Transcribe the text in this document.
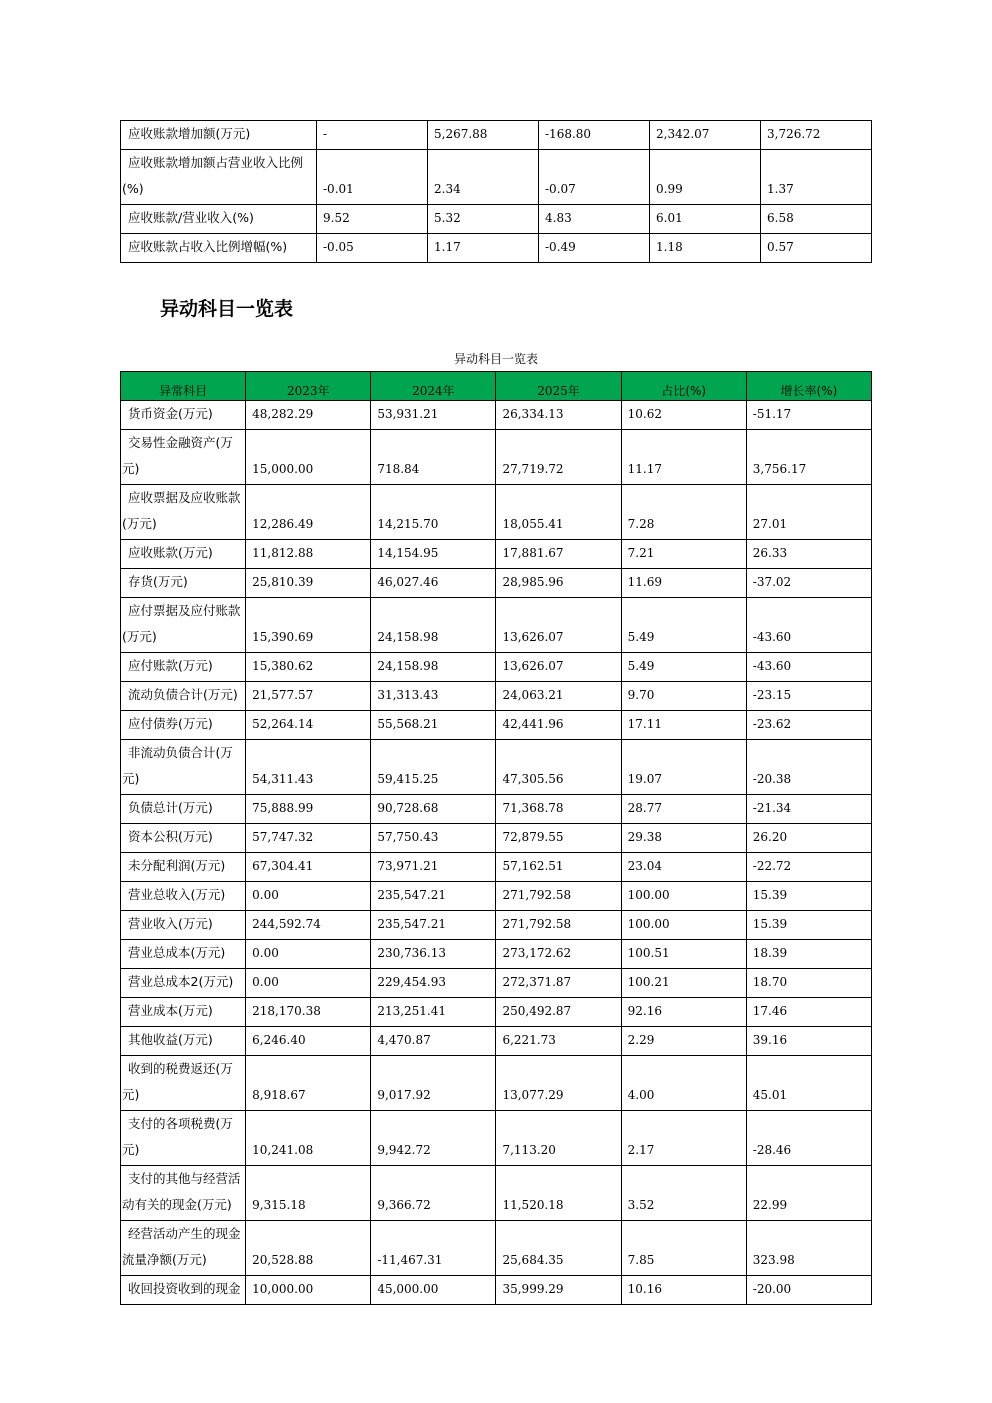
应收账款增加额(万元)	-	5,267.88	-168.80	2,342.07	3,726.72
应收账款增加额占营业收入比例(%)	-0.01	2.34	-0.07	0.99	1.37
应收账款/营业收入(%)	9.52	5.32	4.83	6.01	6.58
应收账款占收入比例增幅(%)	-0.05	1.17	-0.49	1.18	0.57
异动科目一览表
异动科目一览表
异常科目	2023年	2024年	2025年	占比(%)	增长率(%)
货币资金(万元)	48,282.29	53,931.21	26,334.13	10.62	-51.17
交易性金融资产(万元)	15,000.00	718.84	27,719.72	11.17	3,756.17
应收票据及应收账款(万元)	12,286.49	14,215.70	18,055.41	7.28	27.01
应收账款(万元)	11,812.88	14,154.95	17,881.67	7.21	26.33
存货(万元)	25,810.39	46,027.46	28,985.96	11.69	-37.02
应付票据及应付账款(万元)	15,390.69	24,158.98	13,626.07	5.49	-43.60
应付账款(万元)	15,380.62	24,158.98	13,626.07	5.49	-43.60
流动负债合计(万元)	21,577.57	31,313.43	24,063.21	9.70	-23.15
应付债券(万元)	52,264.14	55,568.21	42,441.96	17.11	-23.62
非流动负债合计(万元)	54,311.43	59,415.25	47,305.56	19.07	-20.38
负债总计(万元)	75,888.99	90,728.68	71,368.78	28.77	-21.34
资本公积(万元)	57,747.32	57,750.43	72,879.55	29.38	26.20
未分配利润(万元)	67,304.41	73,971.21	57,162.51	23.04	-22.72
营业总收入(万元)	0.00	235,547.21	271,792.58	100.00	15.39
营业收入(万元)	244,592.74	235,547.21	271,792.58	100.00	15.39
营业总成本(万元)	0.00	230,736.13	273,172.62	100.51	18.39
营业总成本2(万元)	0.00	229,454.93	272,371.87	100.21	18.70
营业成本(万元)	218,170.38	213,251.41	250,492.87	92.16	17.46
其他收益(万元)	6,246.40	4,470.87	6,221.73	2.29	39.16
收到的税费返还(万元)	8,918.67	9,017.92	13,077.29	4.00	45.01
支付的各项税费(万元)	10,241.08	9,942.72	7,113.20	2.17	-28.46
支付的其他与经营活动有关的现金(万元)	9,315.18	9,366.72	11,520.18	3.52	22.99
经营活动产生的现金流量净额(万元)	20,528.88	-11,467.31	25,684.35	7.85	323.98
收回投资收到的现金	10,000.00	45,000.00	35,999.29	10.16	-20.00
